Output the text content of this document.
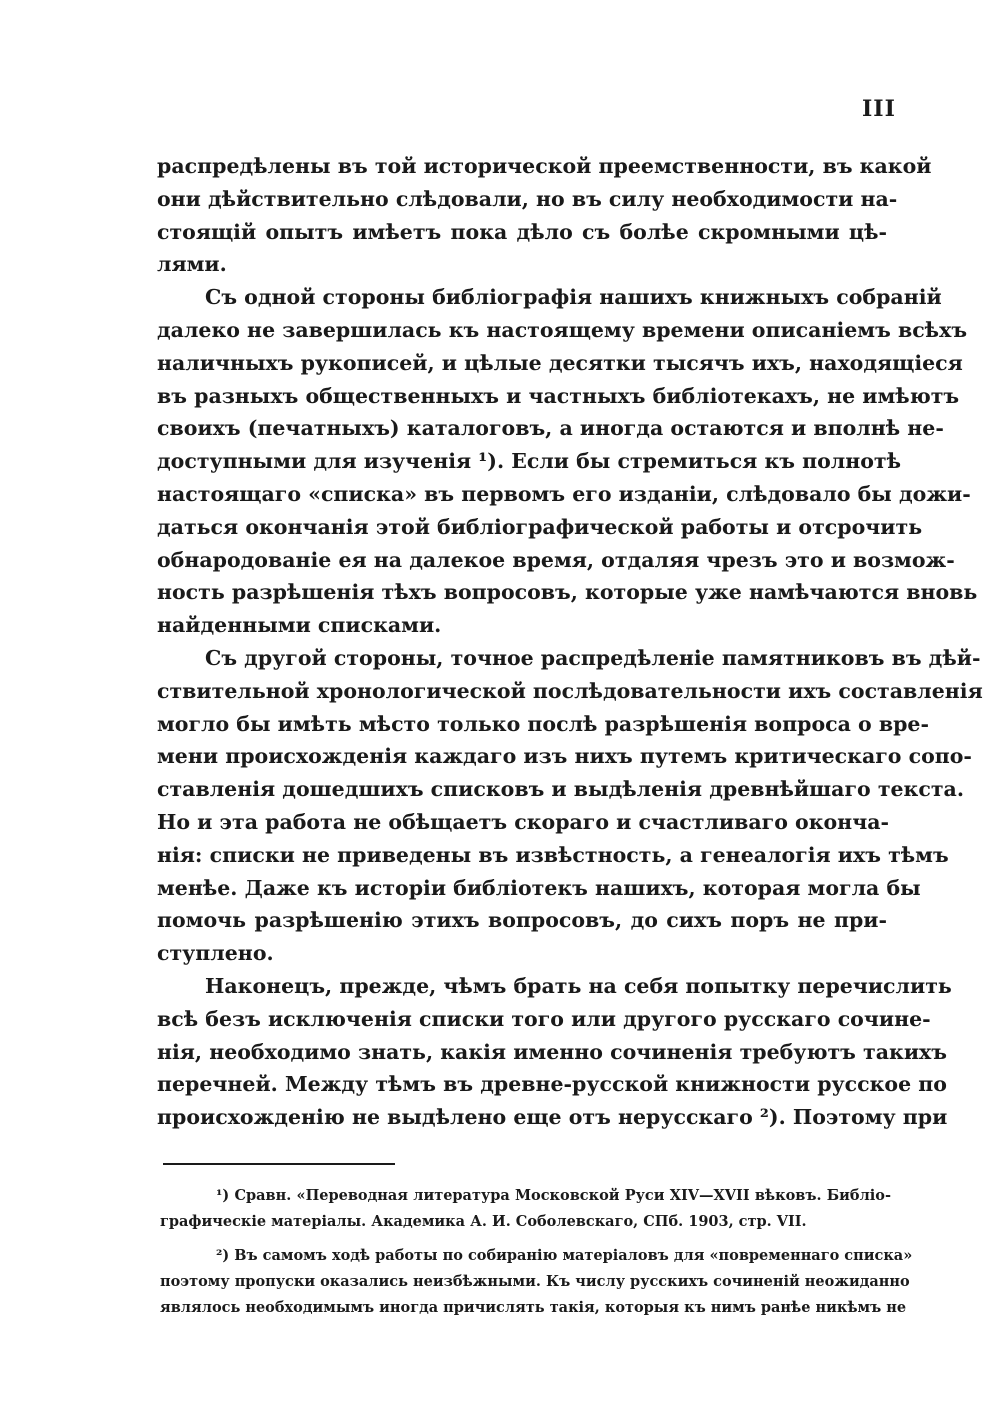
III
распредѣлены въ той исторической преемственности, въ какой
они дѣйствительно слѣдовали, но въ силу необходимости на-
стоящій опытъ имѣетъ пока дѣло съ болѣе скромными цѣ-
лями.
Съ одной стороны библіографія нашихъ книжныхъ собраній
далеко не завершилась къ настоящему времени описаніемъ всѣхъ
наличныхъ рукописей, и цѣлые десятки тысячъ ихъ, находящіеся
въ разныхъ общественныхъ и частныхъ библіотекахъ, не имѣютъ
своихъ (печатныхъ) каталоговъ, а иногда остаются и вполнѣ не-
доступными для изученія ¹). Если бы стремиться къ полнотѣ
настоящаго «списка» въ первомъ его изданіи, слѣдовало бы дожи-
даться окончанія этой библіографической работы и отсрочить
обнародованіе ея на далекое время, отдаляя чрезъ это и возмож-
ность разрѣшенія тѣхъ вопросовъ, которые уже намѣчаются вновь
найденными списками.
Съ другой стороны, точное распредѣленіе памятниковъ въ дѣй-
ствительной хронологической послѣдовательности ихъ составленія
могло бы имѣть мѣсто только послѣ разрѣшенія вопроса о вре-
мени происхожденія каждаго изъ нихъ путемъ критическаго сопо-
ставленія дошедшихъ списковъ и выдѣленія древнѣйшаго текста.
Но и эта работа не обѣщаетъ скораго и счастливаго оконча-
нія: списки не приведены въ извѣстность, а генеалогія ихъ тѣмъ
менѣе. Даже къ исторіи библіотекъ нашихъ, которая могла бы
помочь разрѣшенію этихъ вопросовъ, до сихъ поръ не при-
ступлено.
Наконецъ, прежде, чѣмъ брать на себя попытку перечислить
всѣ безъ исключенія списки того или другого русскаго сочине-
нія, необходимо знать, какія именно сочиненія требуютъ такихъ
перечней. Между тѣмъ въ древне-русской книжности русское по
происхожденію не выдѣлено еще отъ нерусскаго ²). Поэтому при
¹) Сравн. «Переводная литература Московской Руси XIV—XVII вѣковъ. Библіо-
графическіе матеріалы. Академика А. И. Соболевскаго, СПб. 1903, стр. VII.
²) Въ самомъ ходѣ работы по собиранію матеріаловъ для «повременнаго списка»
поэтому пропуски оказались неизбѣжными. Къ числу русскихъ сочиненій неожиданно
являлось необходимымъ иногда причислять такія, которыя къ нимъ ранѣе никѣмъ не
